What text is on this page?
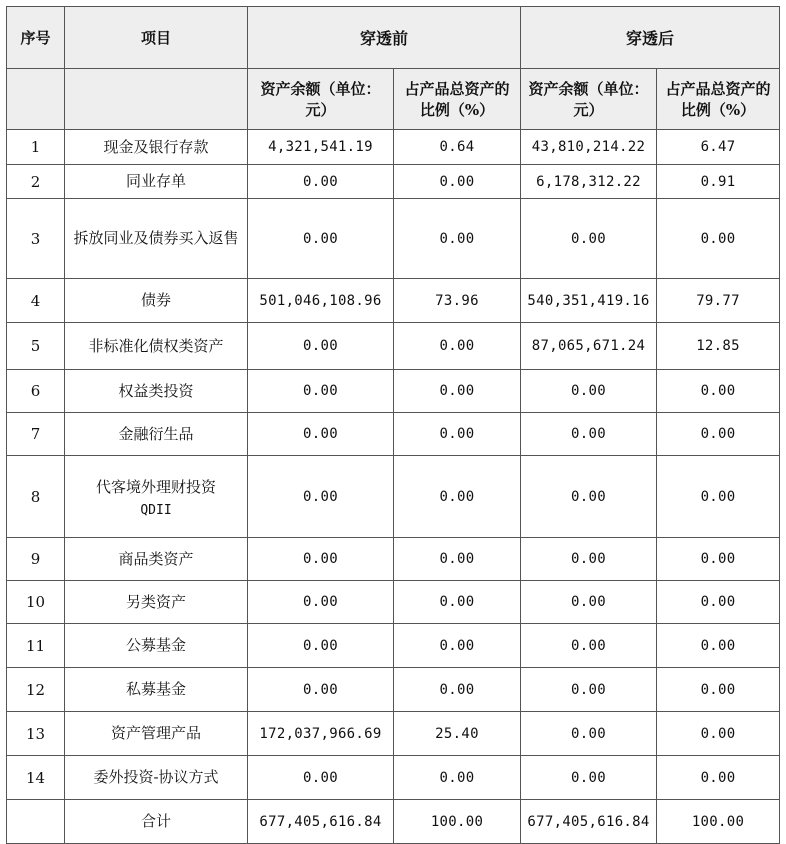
序号	项目	穿透前		穿透后	
		资产余额（单位：元）	占产品总资产的比例（%）	资产余额（单位：元）	占产品总资产的比例（%）
1	现金及银行存款	4,321,541.19	0.64	43,810,214.22	6.47
2	同业存单	0.00	0.00	6,178,312.22	0.91
3	拆放同业及债券买入返售	0.00	0.00	0.00	0.00
4	债券	501,046,108.96	73.96	540,351,419.16	79.77
5	非标准化债权类资产	0.00	0.00	87,065,671.24	12.85
6	权益类投资	0.00	0.00	0.00	0.00
7	金融衍生品	0.00	0.00	0.00	0.00
8	代客境外理财投资
QDII	0.00	0.00	0.00	0.00
9	商品类资产	0.00	0.00	0.00	0.00
10	另类资产	0.00	0.00	0.00	0.00
11	公募基金	0.00	0.00	0.00	0.00
12	私募基金	0.00	0.00	0.00	0.00
13	资产管理产品	172,037,966.69	25.40	0.00	0.00
14	委外投资-协议方式	0.00	0.00	0.00	0.00
	合计	677,405,616.84	100.00	677,405,616.84	100.00
